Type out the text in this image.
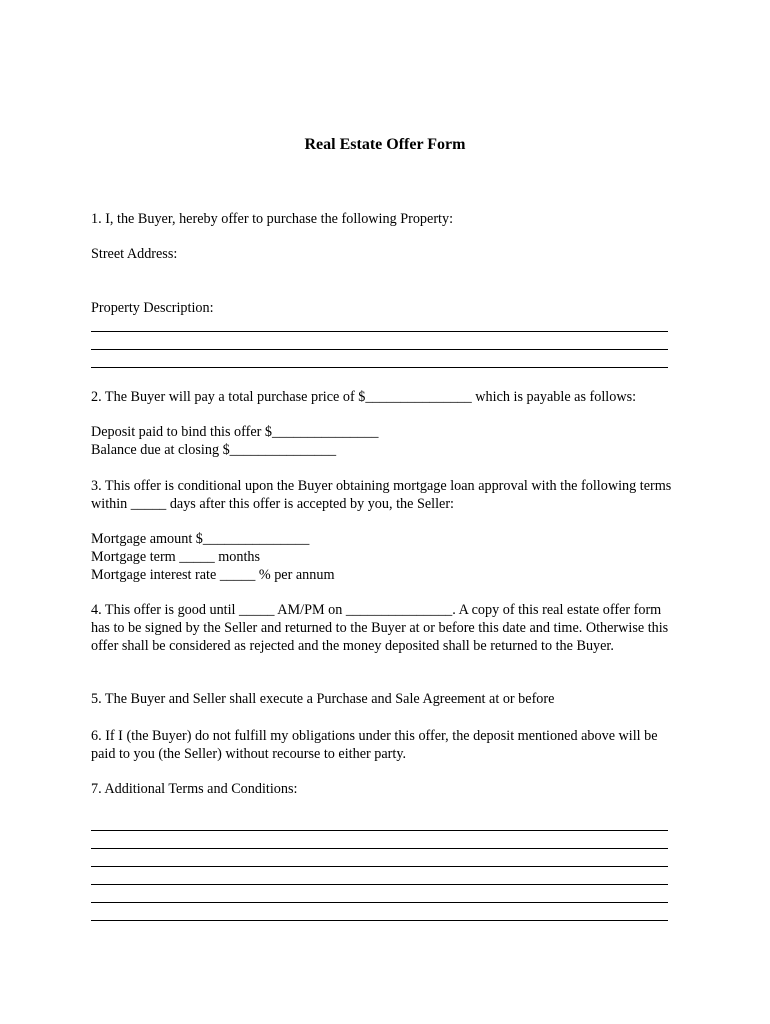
Real Estate Offer Form
1. I, the Buyer, hereby offer to purchase the following Property:
Street Address:
Property Description:
2. The Buyer will pay a total purchase price of $_______________ which is payable as follows:
Deposit paid to bind this offer $_______________
Balance due at closing $_______________
3. This offer is conditional upon the Buyer obtaining mortgage loan approval with the following terms within _____ days after this offer is accepted by you, the Seller:
Mortgage amount $_______________
Mortgage term _____ months
Mortgage interest rate _____ % per annum
4. This offer is good until _____ AM/PM on _______________. A copy of this real estate offer form has to be signed by the Seller and returned to the Buyer at or before this date and time. Otherwise this offer shall be considered as rejected and the money deposited shall be returned to the Buyer.
5. The Buyer and Seller shall execute a Purchase and Sale Agreement at or before
6. If I (the Buyer) do not fulfill my obligations under this offer, the deposit mentioned above will be paid to you (the Seller) without recourse to either party.
7. Additional Terms and Conditions:
